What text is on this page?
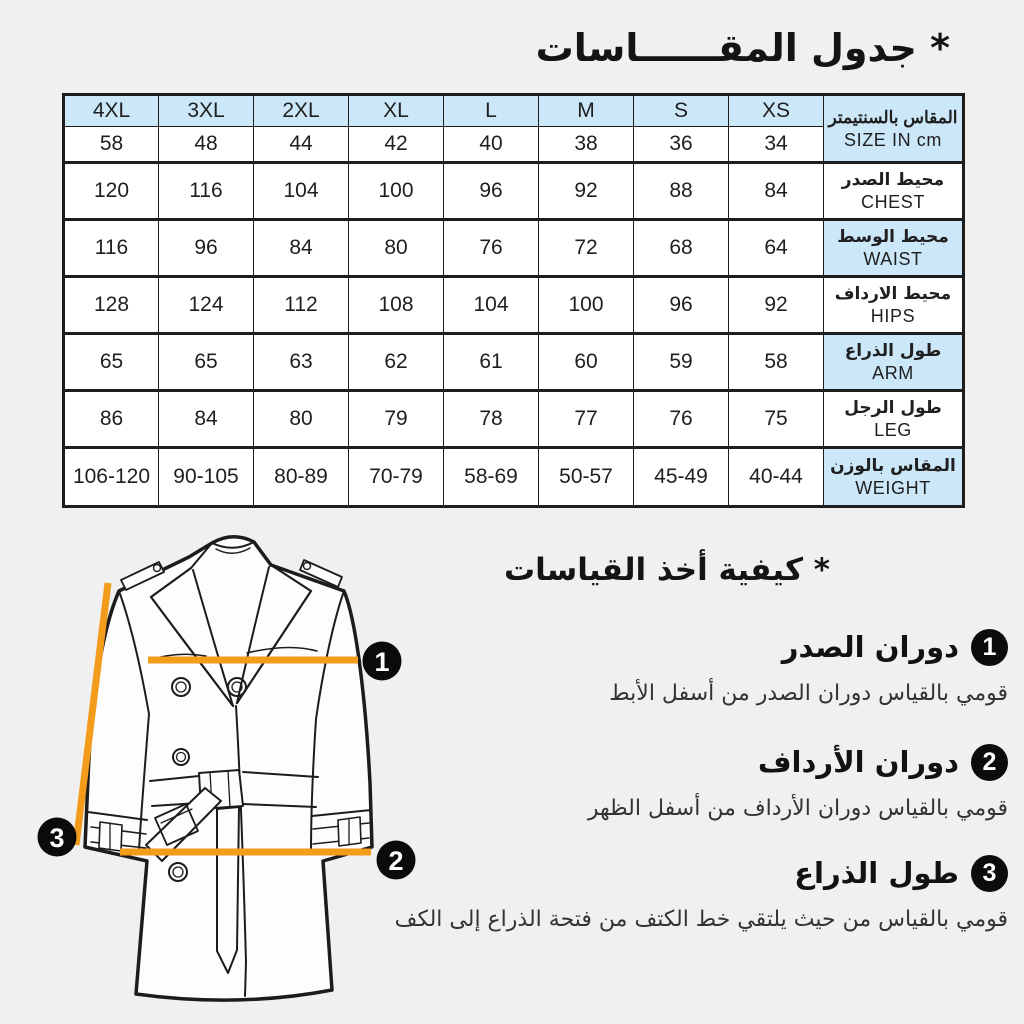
* جدول المقــــــاسات
4XL	3XL	2XL	XL	L	M	S	XS	المقاس بالسنتيمتر
SIZE IN cm

58	48	44	42	40	38	36	34	
120	116	104	100	96	92	88	84	محيط الصدر
CHEST

116	96	84	80	76	72	68	64	محيط الوسط
WAIST

128	124	112	108	104	100	96	92	محيط الارداف
HIPS

65	65	63	62	61	60	59	58	طول الذراع
ARM

86	84	80	79	78	77	76	75	طول الرجل
LEG

106-120	90-105	80-89	70-79	58-69	50-57	45-49	40-44	المقاس بالوزن
WEIGHT
1
2
3
* كيفية أخذ القياسات
1
دوران الصدر
قومي بالقياس دوران الصدر من أسفل الأبط
2
دوران الأرداف
قومي بالقياس دوران الأرداف من أسفل الظهر
3
طول الذراع
قومي بالقياس من حيث يلتقي خط الكتف من فتحة الذراع إلى الكف
